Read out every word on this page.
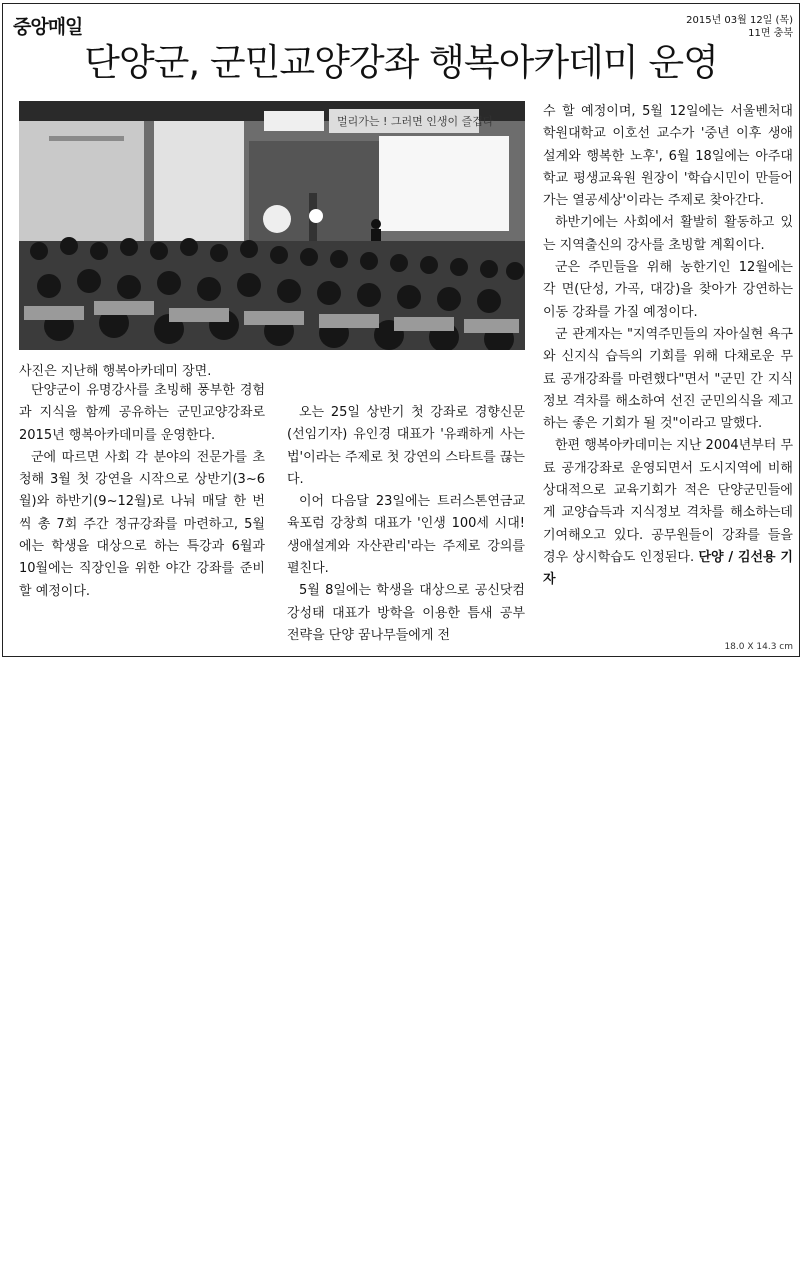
중앙매일	2015년 03월 12일 (목)
11면 충북
단양군, 군민교양강좌 행복아카데미 운영
멀리가는 ! 그러면 인생이 즐겁다
사진은 지난해 행복아카데미 장면.

단양군이 유명강사를 초빙해 풍부한 경험과 지식을 함께 공유하는 군민교양강좌로 2015년 행복아카데미를 운영한다.

군에 따르면 사회 각 분야의 전문가를 초청해 3월 첫 강연을 시작으로 상반기(3~6월)와 하반기(9~12월)로 나눠 매달 한 번씩 총 7회 주간 정규강좌를 마련하고, 5월에는 학생을 대상으로 하는 특강과 6월과 10월에는 직장인을 위한 야간 강좌를 준비할 예정이다.

오는 25일 상반기 첫 강좌로 경향신문(선임기자) 유인경 대표가 '유쾌하게 사는 법'이라는 주제로 첫 강연의 스타트를 끊는다.

이어 다음달 23일에는 트러스톤연금교육포럼 강창희 대표가 '인생 100세 시대! 생애설계와 자산관리'라는 주제로 강의를 펼친다.

5월 8일에는 학생을 대상으로 공신닷컴 강성태 대표가 방학을 이용한 틈새 공부 전략을 단양 꿈나무들에게 전

수 할 예정이며, 5월 12일에는 서울벤처대학원대학교 이호선 교수가 '중년 이후 생애설계와 행복한 노후', 6월 18일에는 아주대학교 평생교육원 원장이 '학습시민이 만들어가는 열공세상'이라는 주제로 찾아간다.

하반기에는 사회에서 활발히 활동하고 있는 지역출신의 강사를 초빙할 계획이다.

군은 주민들을 위해 농한기인 12월에는 각 면(단성, 가곡, 대강)을 찾아가 강연하는 이동 강좌를 가질 예정이다.

군 관계자는 "지역주민들의 자아실현 욕구와 신지식 습득의 기회를 위해 다채로운 무료 공개강좌를 마련했다"면서 "군민 간 지식정보 격차를 해소하여 선진 군민의식을 제고하는 좋은 기회가 될 것"이라고 말했다.

한편 행복아카데미는 지난 2004년부터 무료 공개강좌로 운영되면서 도시지역에 비해 상대적으로 교육기회가 적은 단양군민들에게 교양습득과 지식정보 격차를 해소하는데 기여해오고 있다. 공무원들이 강좌를 들을 경우 상시학습도 인정된다. 단양 / 김선용 기자

18.0 X 14.3 cm
